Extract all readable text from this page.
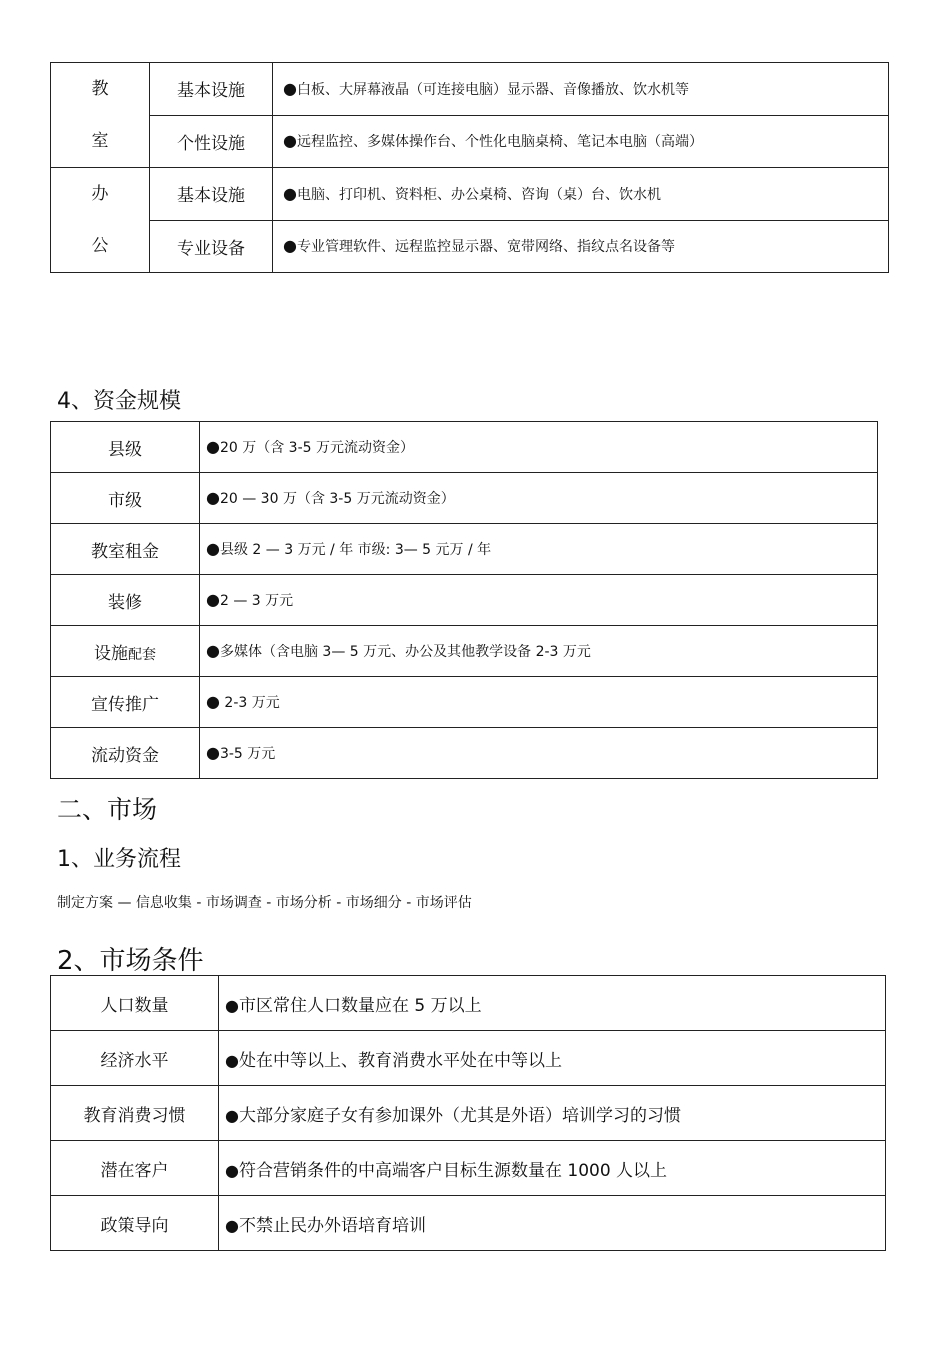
教
室	基本设施	●白板、大屏幕液晶（可连接电脑）显示器、音像播放、饮水机等
	个性设施	●远程监控、多媒体操作台、个性化电脑桌椅、笔记本电脑（高端）
办
公	基本设施	●电脑、打印机、资料柜、办公桌椅、咨询（桌）台、饮水机
	专业设备	●专业管理软件、远程监控显示器、宽带网络、指纹点名设备等
4、资金规模
县级	●20 万（含 3-5 万元流动资金）
市级	●20 — 30 万（含 3-5 万元流动资金）
教室租金	●县级 2 — 3 万元 / 年 市级: 3— 5 元万 / 年
装修	●2 — 3 万元
设施配套	●多媒体（含电脑 3— 5 万元、办公及其他教学设备 2-3 万元
宣传推广	● 2-3 万元
流动资金	●3-5 万元
二、市场
1、业务流程

制定方案 — 信息收集 - 市场调查 - 市场分析 - 市场细分 - 市场评估

2、市场条件
人口数量	●市区常住人口数量应在 5 万以上
经济水平	●处在中等以上、教育消费水平处在中等以上
教育消费习惯	●大部分家庭子女有参加课外（尤其是外语）培训学习的习惯
潜在客户	●符合营销条件的中高端客户目标生源数量在 1000 人以上
政策导向	●不禁止民办外语培育培训
